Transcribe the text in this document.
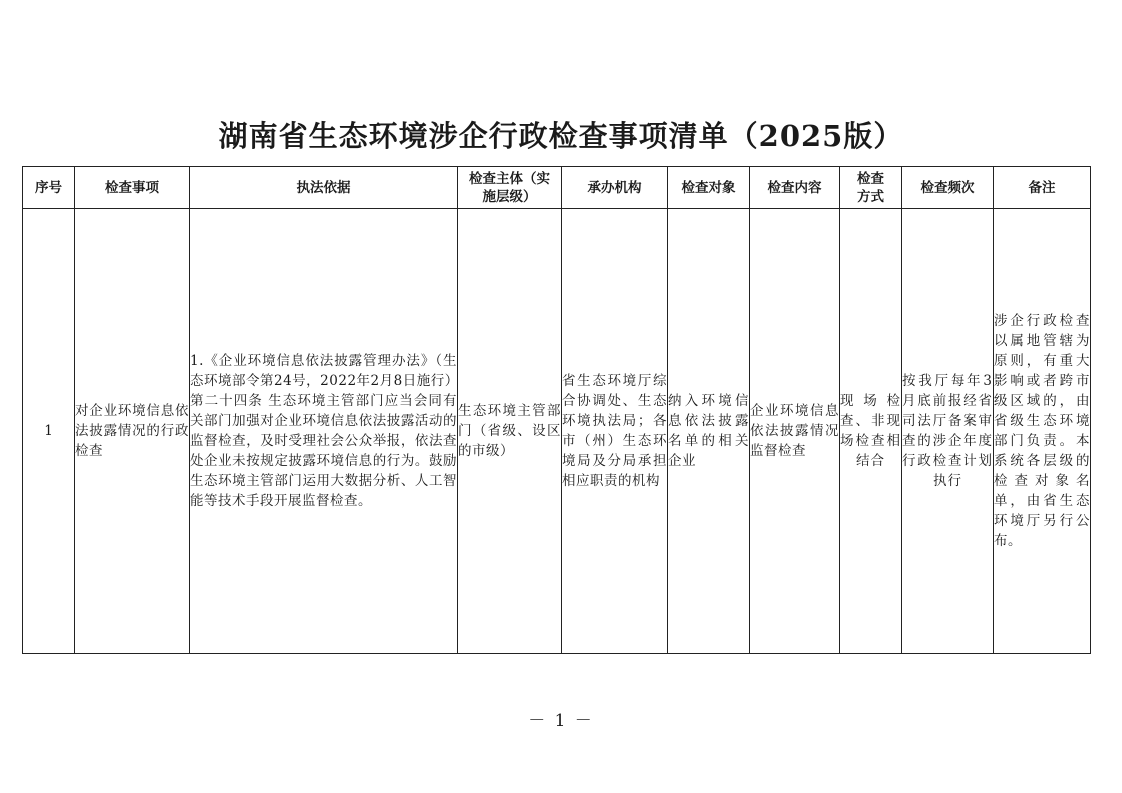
湖南省生态环境涉企行政检查事项清单（2025版）
序号	检查事项	执法依据	检查主体（实施层级）	承办机构	检查对象	检查内容	检查方式	检查频次	备注
1	对企业环境信息依法披露情况的行政检查	1.《企业环境信息依法披露管理办法》（生态环境部令第24号，2022年2月8日施行）
第二十四条 生态环境主管部门应当会同有关部门加强对企业环境信息依法披露活动的监督检查，及时受理社会公众举报，依法查处企业未按规定披露环境信息的行为。鼓励生态环境主管部门运用大数据分析、人工智能等技术手段开展监督检查。	生态环境主管部门（省级、设区的市级）	省生态环境厅综合协调处、生态环境执法局；各市（州）生态环境局及分局承担相应职责的机构	纳入环境信息依法披露名单的相关企业	企业环境信息依法披露情况监督检查	现场检查、非现场检查相结合	按我厅每年3月底前报经省司法厅备案审查的涉企年度行政检查计划执行	涉企行政检查以属地管辖为原则，有重大影响或者跨市级区域的，由省级生态环境部门负责。本系统各层级的检查对象名单，由省生态环境厅另行公布。
－ 1 －
